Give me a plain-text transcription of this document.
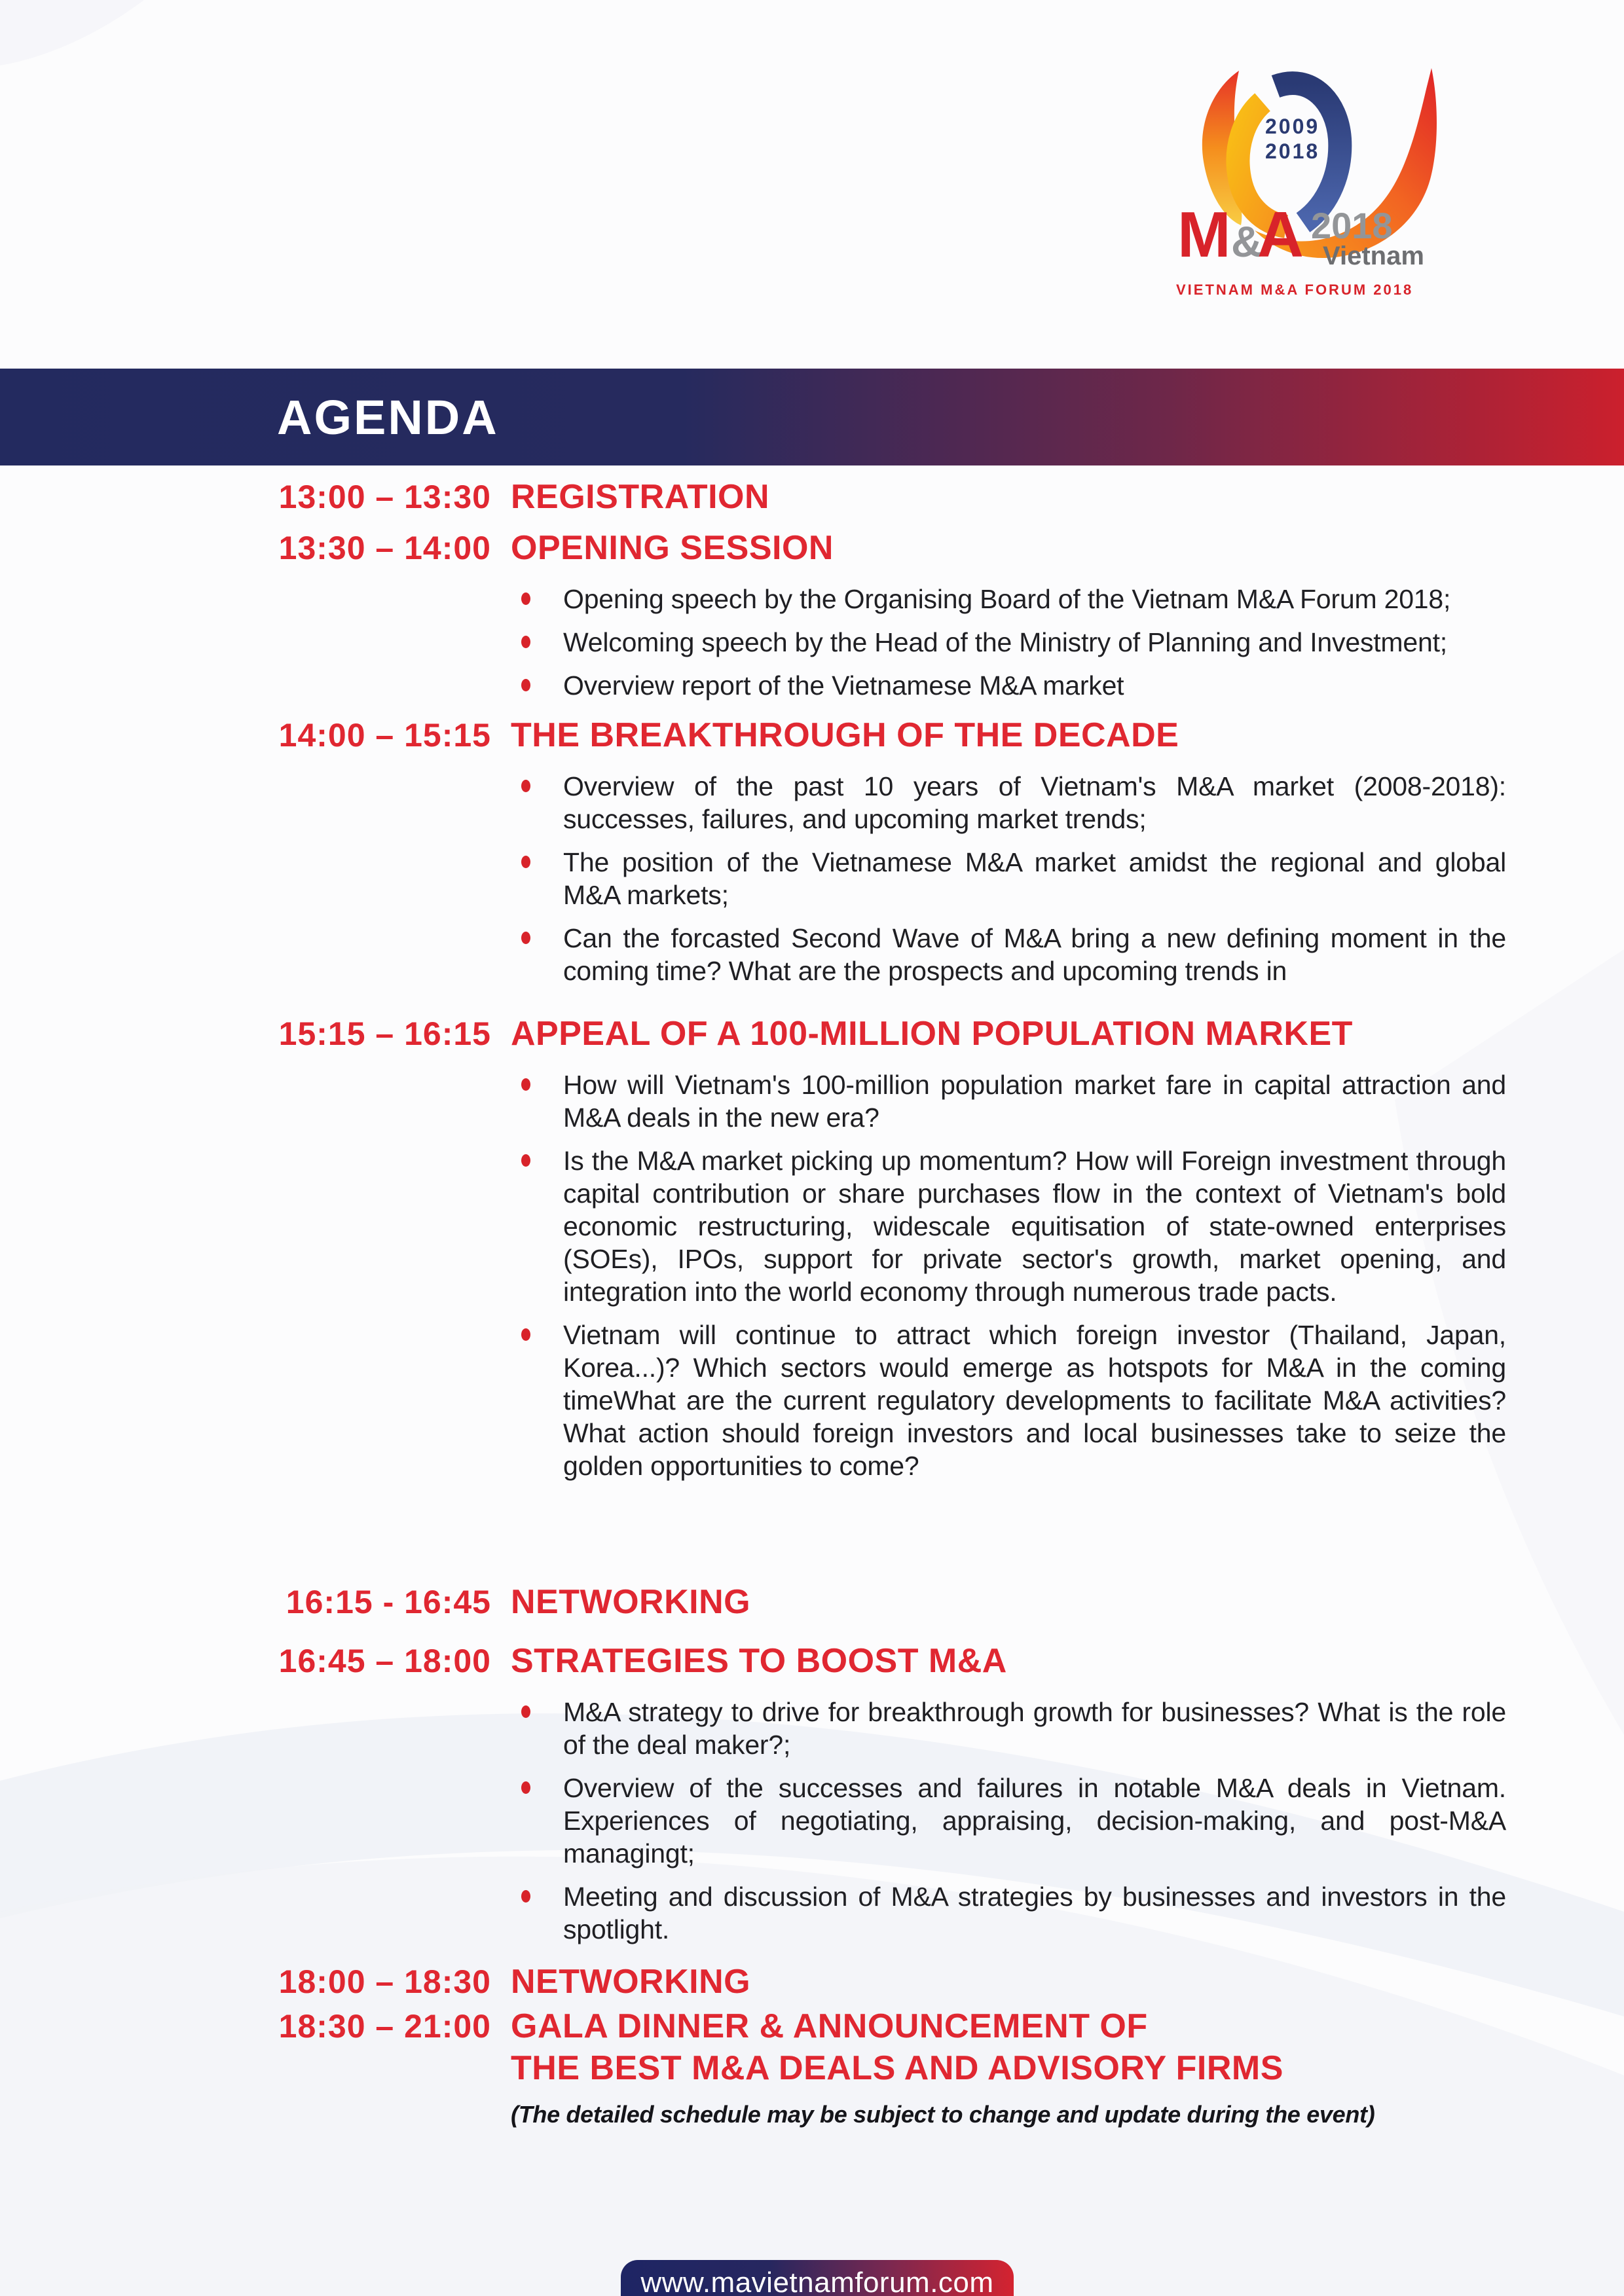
2009
2018
M &
A 2018
Vietnam
VIETNAM M&A FORUM 2018
AGENDA
13:00 – 13:30 REGISTRATION
13:30 – 14:00 OPENING SESSION
Opening speech by the Organising Board of the Vietnam M&A Forum 2018;
Welcoming speech by the Head of the Ministry of Planning and Investment;
Overview report of the Vietnamese M&A market
14:00 – 15:15 THE BREAKTHROUGH OF THE DECADE
Overview of the past 10 years of Vietnam's M&A market (2008-2018): successes, failures, and upcoming market trends;
The position of the Vietnamese M&A market amidst the regional and global M&A markets;
Can the forcasted Second Wave of M&A bring a new defining moment in the coming time? What are the prospects and upcoming trends in
15:15 – 16:15 APPEAL OF A 100-MILLION POPULATION MARKET
How will Vietnam's 100-million population market fare in capital attraction and M&A deals in the new era?
Is the M&A market picking up momentum? How will Foreign investment through capital contribution or share purchases flow in the context of Vietnam's bold economic restructuring, widescale equitisation of state-owned enterprises (SOEs), IPOs, support for private sector's growth, market opening, and integration into the world economy through numerous trade pacts.
Vietnam will continue to attract which foreign investor (Thailand, Japan, Korea...)? Which sectors would emerge as hotspots for M&A in the coming timeWhat are the current regulatory developments to facilitate M&A activities? What action should foreign investors and local businesses take to seize the golden opportunities to come?
16:15 - 16:45 NETWORKING
16:45 – 18:00 STRATEGIES TO BOOST M&A
M&A strategy to drive for breakthrough growth for businesses? What is the role of the deal maker?;
Overview of the successes and failures in notable M&A deals in Vietnam. Experiences of negotiating, appraising, decision-making, and post-M&A managingt;
Meeting and discussion of M&A strategies by businesses and investors in the spotlight.
18:00 – 18:30 NETWORKING
18:30 – 21:00 GALA DINNER & ANNOUNCEMENT OF
THE BEST M&A DEALS AND ADVISORY FIRMS
(The detailed schedule may be subject to change and update during the event)
www.mavietnamforum.com
